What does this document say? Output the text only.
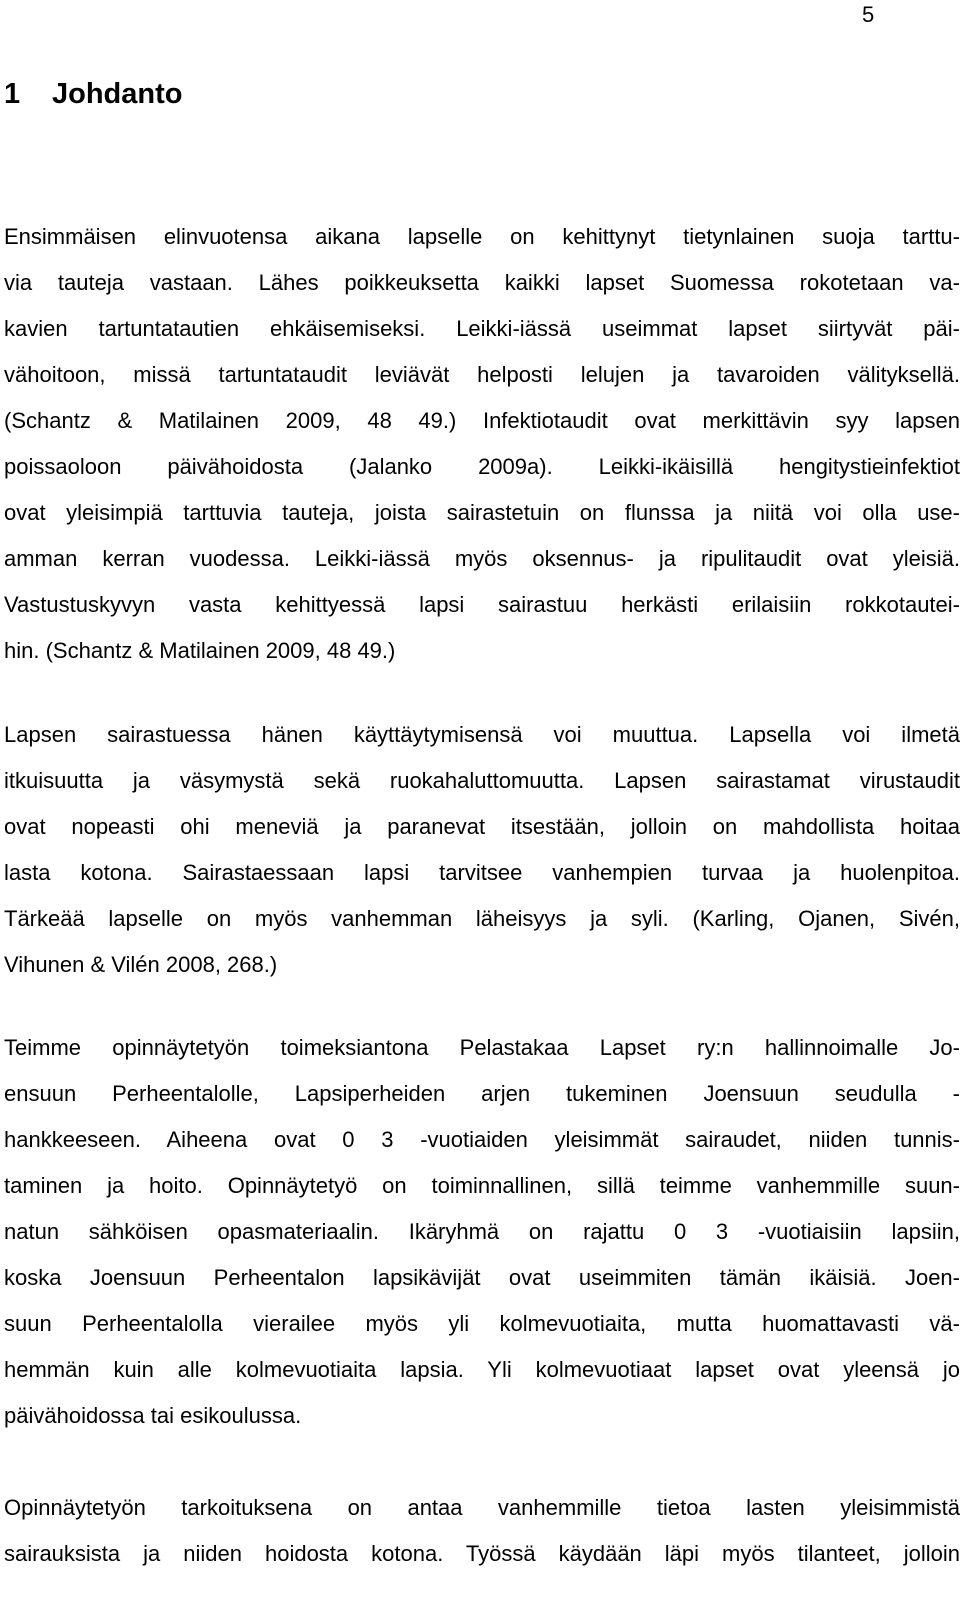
5
1 Johdanto
Ensimmäisen elinvuotensa aikana lapselle on kehittynyt tietynlainen suoja tarttu-
via tauteja vastaan. Lähes poikkeuksetta kaikki lapset Suomessa rokotetaan va-
kavien tartuntatautien ehkäisemiseksi. Leikki-iässä useimmat lapset siirtyvät päi-
vähoitoon, missä tartuntataudit leviävät helposti lelujen ja tavaroiden välityksellä.
(Schantz & Matilainen 2009, 48 49.) Infektiotaudit ovat merkittävin syy lapsen
poissaoloon päivähoidosta (Jalanko 2009a). Leikki-ikäisillä hengitystieinfektiot
ovat yleisimpiä tarttuvia tauteja, joista sairastetuin on flunssa ja niitä voi olla use-
amman kerran vuodessa. Leikki-iässä myös oksennus- ja ripulitaudit ovat yleisiä.
Vastustuskyvyn vasta kehittyessä lapsi sairastuu herkästi erilaisiin rokkotautei-
hin. (Schantz & Matilainen 2009, 48 49.)
Lapsen sairastuessa hänen käyttäytymisensä voi muuttua. Lapsella voi ilmetä
itkuisuutta ja väsymystä sekä ruokahaluttomuutta. Lapsen sairastamat virustaudit
ovat nopeasti ohi meneviä ja paranevat itsestään, jolloin on mahdollista hoitaa
lasta kotona. Sairastaessaan lapsi tarvitsee vanhempien turvaa ja huolenpitoa.
Tärkeää lapselle on myös vanhemman läheisyys ja syli. (Karling, Ojanen, Sivén,
Vihunen & Vilén 2008, 268.)
Teimme opinnäytetyön toimeksiantona Pelastakaa Lapset ry:n hallinnoimalle Jo-
ensuun Perheentalolle, Lapsiperheiden arjen tukeminen Joensuun seudulla -
hankkeeseen. Aiheena ovat 0 3 -vuotiaiden yleisimmät sairaudet, niiden tunnis-
taminen ja hoito. Opinnäytetyö on toiminnallinen, sillä teimme vanhemmille suun-
natun sähköisen opasmateriaalin. Ikäryhmä on rajattu 0 3 -vuotiaisiin lapsiin,
koska Joensuun Perheentalon lapsikävijät ovat useimmiten tämän ikäisiä. Joen-
suun Perheentalolla vierailee myös yli kolmevuotiaita, mutta huomattavasti vä-
hemmän kuin alle kolmevuotiaita lapsia. Yli kolmevuotiaat lapset ovat yleensä jo
päivähoidossa tai esikoulussa.
Opinnäytetyön tarkoituksena on antaa vanhemmille tietoa lasten yleisimmistä
sairauksista ja niiden hoidosta kotona. Työssä käydään läpi myös tilanteet, jolloin
